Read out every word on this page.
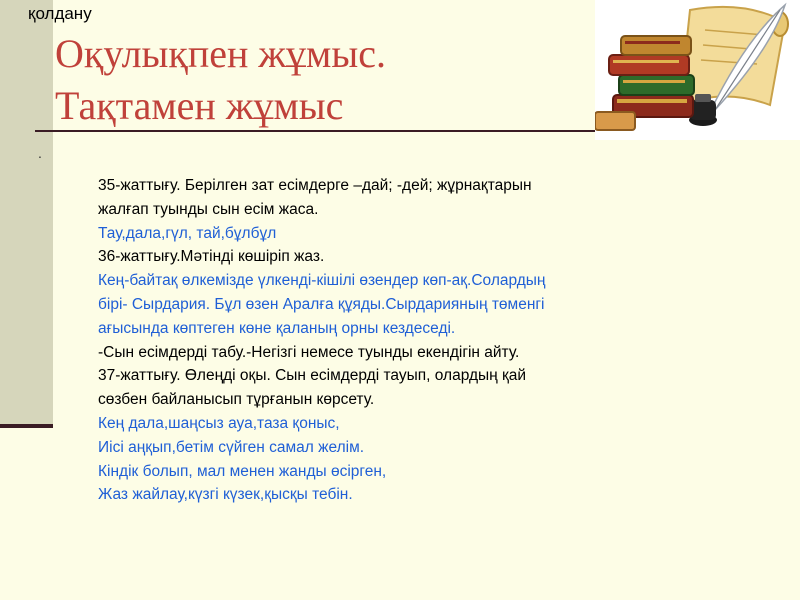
қолдану
Оқулықпен жұмыс.
Тақтамен жұмыс
.
35-жаттығу. Берілген зат есімдерге –дай; -дей; жұрнақтарын
жалғап туынды сын есім жаса.
Тау,дала,гүл, тай,бұлбұл
36-жаттығу.Мәтінді көшіріп жаз.
Кең-байтақ өлкемізде үлкенді-кішілі өзендер көп-ақ.Солардың
бірі- Сырдария. Бұл өзен Аралға құяды.Сырдарияның төменгі
ағысында көптеген көне қаланың орны кездеседі.
-Сын есімдерді табу.-Негізгі немесе туынды екендігін айту.
37-жаттығу. Өлеңді оқы. Сын есімдерді тауып, олардың қай
сөзбен байланысып тұрғанын көрсету.
Кең дала,шаңсыз ауа,таза қоныс,
Иісі аңқып,бетім сүйген самал желім.
Кіндік болып, мал менен жанды өсірген,
Жаз жайлау,күзгі күзек,қысқы тебін.
